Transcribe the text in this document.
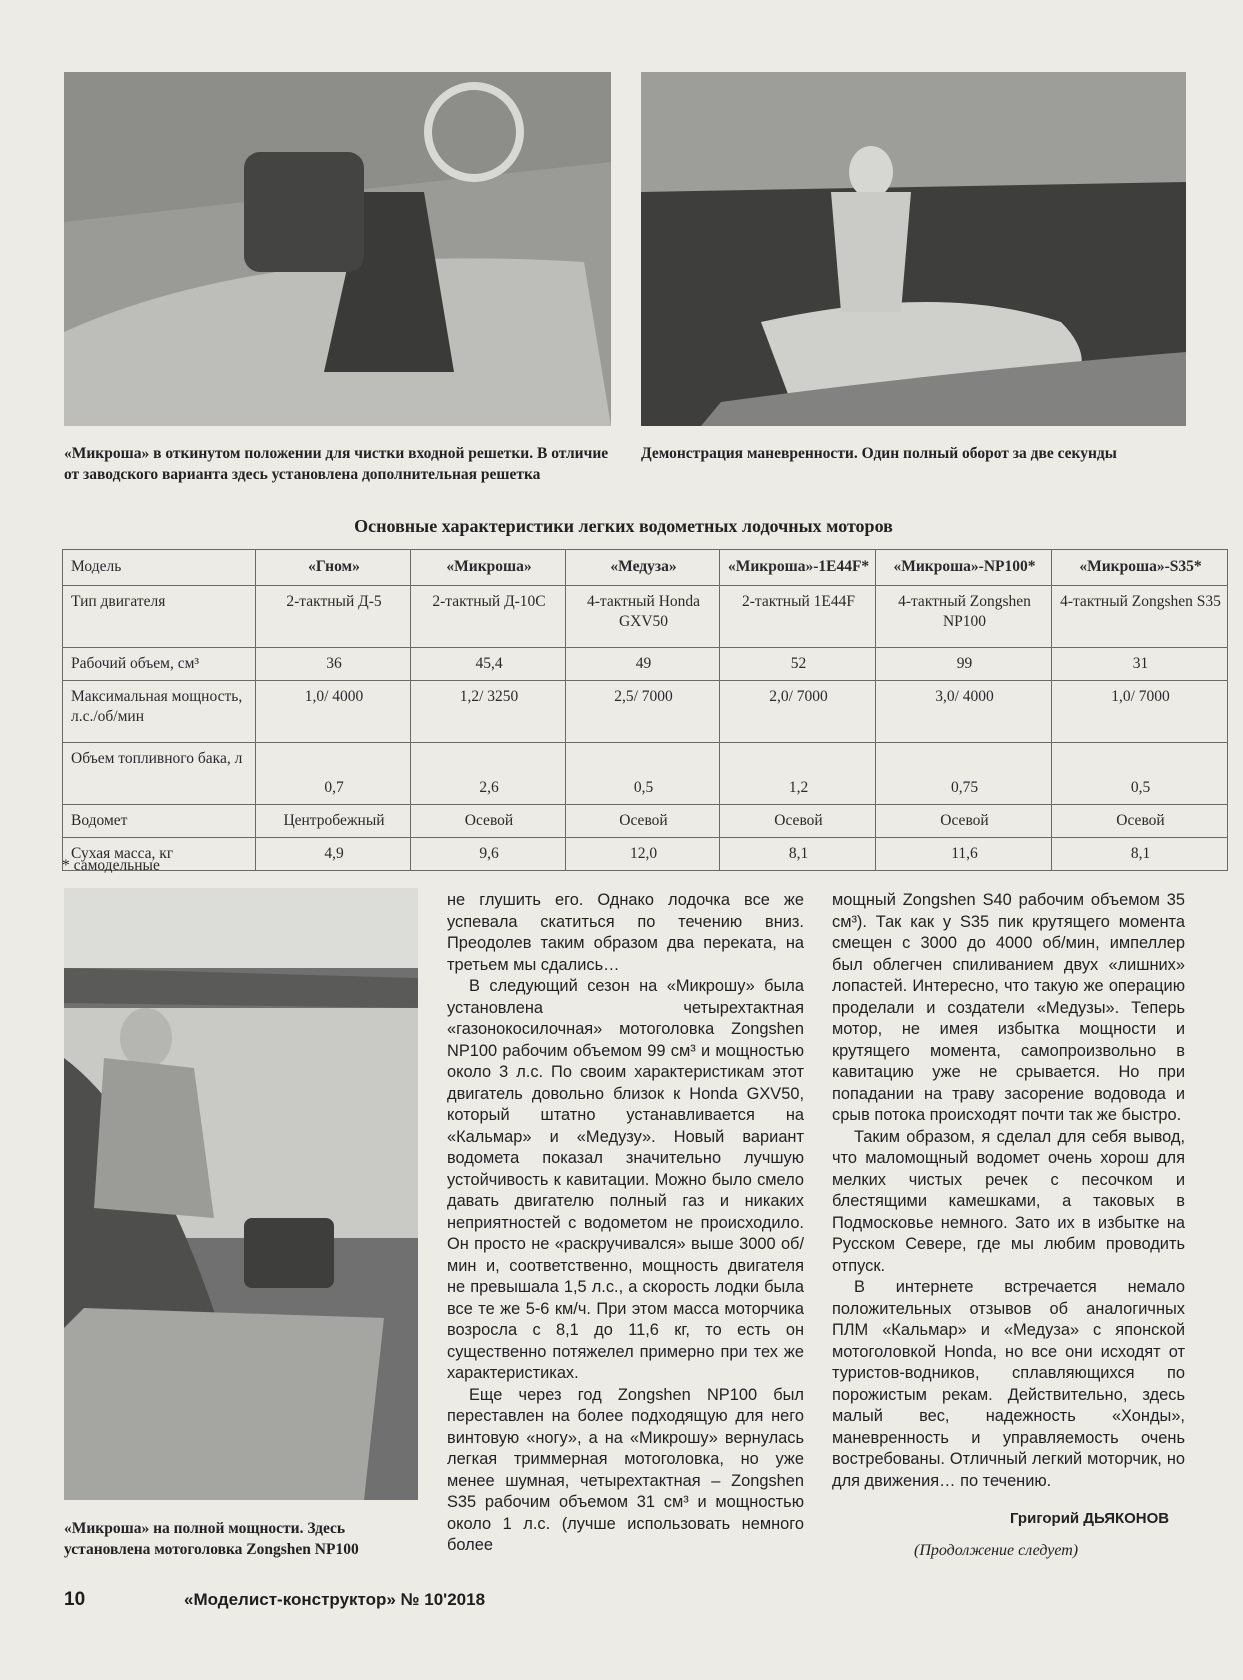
«Микроша» в откинутом положении для чистки входной решетки. В отличие от заводского варианта здесь установлена дополнительная решетка
Демонстрация маневренности. Один полный оборот за две секунды
Основные характеристики легких водометных лодочных моторов
Модель	«Гном»	«Микроша»	«Медуза»	«Микроша»-1Е44F*	«Микроша»-NP100*	«Микроша»-S35*
Тип двигателя	2-тактный Д-5	2-тактный Д-10С	4-тактный Honda GXV50	2-тактный 1Е44F	4-тактный Zongshen NP100	4-тактный Zongshen S35
Рабочий объем, см³	36	45,4	49	52	99	31
Максимальная мощность, л.с./об/мин	1,0/ 4000	1,2/ 3250	2,5/ 7000	2,0/ 7000	3,0/ 4000	1,0/ 7000
Объем топливного бака, л	0,7	2,6	0,5	1,2	0,75	0,5
Водомет	Центробежный	Осевой	Осевой	Осевой	Осевой	Осевой
Сухая масса, кг	4,9	9,6	12,0	8,1	11,6	8,1
* самодельные
«Микроша» на полной мощности. Здесь установлена мотоголовка Zongshen NP100

не глушить его. Однако лодочка все же успевала скатиться по течению вниз. Преодолев таким образом два переката, на третьем мы сдались…

В следующий сезон на «Микрошу» была установлена четырехтактная «газонокосилочная» мотоголовка Zongshen NP100 рабочим объемом 99 см³ и мощностью около 3 л.с. По своим характеристикам этот двигатель довольно близок к Honda GXV50, который штатно устанавливается на «Кальмар» и «Медузу». Новый вариант водомета показал значительно лучшую устойчивость к кавитации. Можно было смело давать двигателю полный газ и никаких неприятностей с водометом не происходило. Он просто не «раскручивался» выше 3000 об/мин и, соответственно, мощность двигателя не превышала 1,5 л.с., а скорость лодки была все те же 5-6 км/ч. При этом масса моторчика возросла с 8,1 до 11,6 кг, то есть он существенно потяжелел примерно при тех же характеристиках.

Еще через год Zongshen NP100 был переставлен на более подходящую для него винтовую «ногу», а на «Микрошу» вернулась легкая триммерная мотоголовка, но уже менее шумная, четырехтактная – Zongshen S35 рабочим объемом 31 см³ и мощностью около 1 л.с. (лучше использовать немного более

мощный Zongshen S40 рабочим объемом 35 см³). Так как у S35 пик крутящего момента смещен с 3000 до 4000 об/мин, импеллер был облегчен спиливанием двух «лишних» лопастей. Интересно, что такую же операцию проделали и создатели «Медузы». Теперь мотор, не имея избытка мощности и крутящего момента, самопроизвольно в кавитацию уже не срывается. Но при попадании на траву засорение водовода и срыв потока происходят почти так же быстро.

Таким образом, я сделал для себя вывод, что маломощный водомет очень хорош для мелких чистых речек с песочком и блестящими камешками, а таковых в Подмосковье немного. Зато их в избытке на Русском Севере, где мы любим проводить отпуск.

В интернете встречается немало положительных отзывов об аналогичных ПЛМ «Кальмар» и «Медуза» с японской мотоголовкой Honda, но все они исходят от туристов-водников, сплавляющихся по порожистым рекам. Действительно, здесь малый вес, надежность «Хонды», маневренность и управляемость очень востребованы. Отличный легкий моторчик, но для движения… по течению.

Григорий ДЬЯКОНОВ
(Продолжение следует)
10	«Моделист-конструктор» № 10'2018
